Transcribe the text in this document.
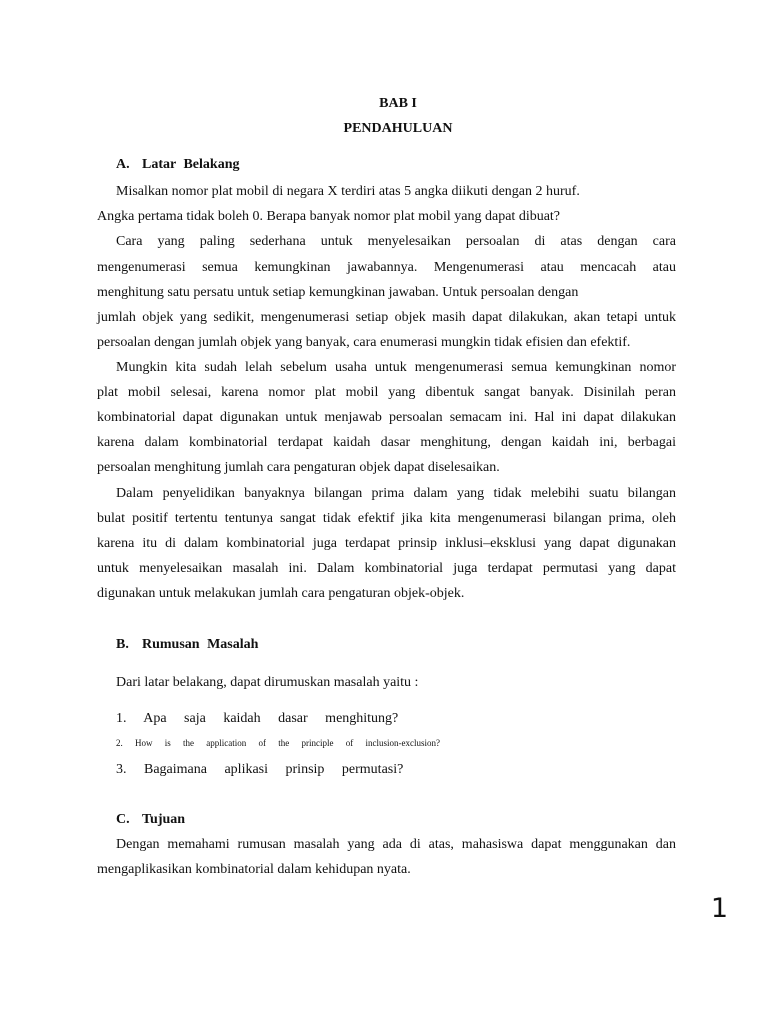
BAB I
PENDAHULUAN
A. Latar Belakang
Misalkan nomor plat mobil di negara X terdiri atas 5 angka diikuti dengan 2 huruf.
Angka pertama tidak boleh 0. Berapa banyak nomor plat mobil yang dapat dibuat?
Cara yang paling sederhana untuk menyelesaikan persoalan di atas dengan cara
mengenumerasi semua kemungkinan jawabannya. Mengenumerasi atau mencacah atau
menghitung satu persatu untuk setiap kemungkinan jawaban. Untuk persoalan dengan
jumlah objek yang sedikit, mengenumerasi setiap objek masih dapat dilakukan, akan tetapi untuk
persoalan dengan jumlah objek yang banyak, cara enumerasi mungkin tidak efisien dan efektif.
Mungkin kita sudah lelah sebelum usaha untuk mengenumerasi semua kemungkinan nomor
plat mobil selesai, karena nomor plat mobil yang dibentuk sangat banyak. Disinilah peran
kombinatorial dapat digunakan untuk menjawab persoalan semacam ini. Hal ini dapat dilakukan
karena dalam kombinatorial terdapat kaidah dasar menghitung, dengan kaidah ini, berbagai
persoalan menghitung jumlah cara pengaturan objek dapat diselesaikan.
Dalam penyelidikan banyaknya bilangan prima dalam yang tidak melebihi suatu bilangan
bulat positif tertentu tentunya sangat tidak efektif jika kita mengenumerasi bilangan prima, oleh
karena itu di dalam kombinatorial juga terdapat prinsip inklusi–eksklusi yang dapat digunakan
untuk menyelesaikan masalah ini. Dalam kombinatorial juga terdapat permutasi yang dapat
digunakan untuk melakukan jumlah cara pengaturan objek-objek.
B. Rumusan Masalah
Dari latar belakang, dapat dirumuskan masalah yaitu :
1. Apa saja kaidah dasar menghitung?
2. How is the application of the principle of inclusion-exclusion?
3. Bagaimana aplikasi prinsip permutasi?
C. Tujuan
Dengan memahami rumusan masalah yang ada di atas, mahasiswa dapat menggunakan dan
mengaplikasikan kombinatorial dalam kehidupan nyata.
1
